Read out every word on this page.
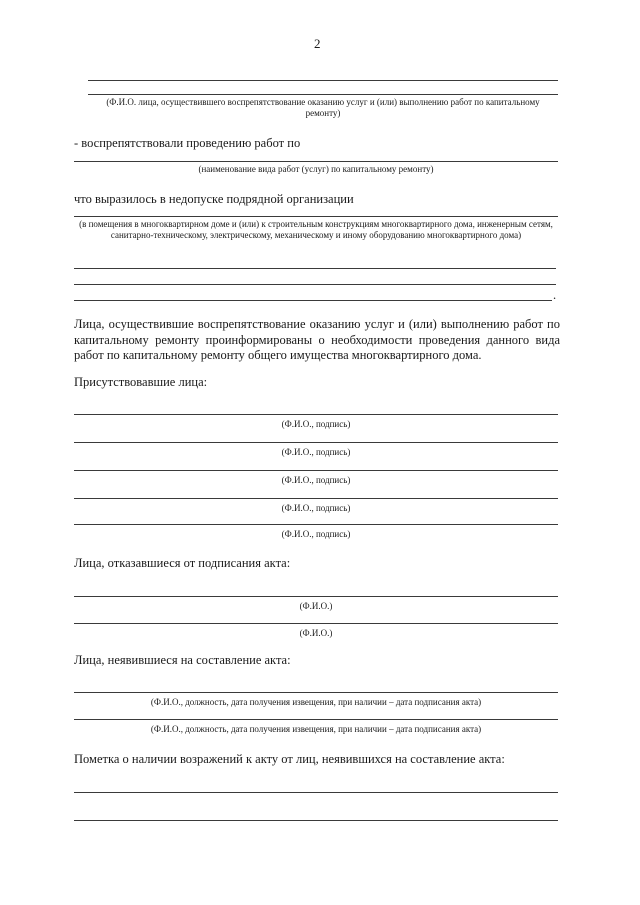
2
(Ф.И.О. лица, осуществившего воспрепятствование оказанию услуг и (или) выполнению работ по капитальному ремонту)
- воспрепятствовали проведению работ по
(наименование вида работ (услуг) по капитальному ремонту)
что выразилось в недопуске подрядной организации
(в помещения в многоквартирном доме и (или) к строительным конструкциям многоквартирного дома, инженерным сетям, санитарно-техническому, электрическому, механическому и иному оборудованию многоквартирного дома)
.
Лица, осуществившие воспрепятствование оказанию услуг и (или) выполнению работ по капитальному ремонту проинформированы о необходимости проведения данного вида работ по капитальному ремонту общего имущества многоквартирного дома.
Присутствовавшие лица:
(Ф.И.О., подпись)
(Ф.И.О., подпись)
(Ф.И.О., подпись)
(Ф.И.О., подпись)
(Ф.И.О., подпись)
Лица, отказавшиеся от подписания акта:
(Ф.И.О.)
(Ф.И.О.)
Лица, неявившиеся на составление акта:
(Ф.И.О., должность, дата получения извещения, при наличии – дата подписания акта)
(Ф.И.О., должность, дата получения извещения, при наличии – дата подписания акта)
Пометка о наличии возражений к акту от лиц, неявившихся на составление акта:
